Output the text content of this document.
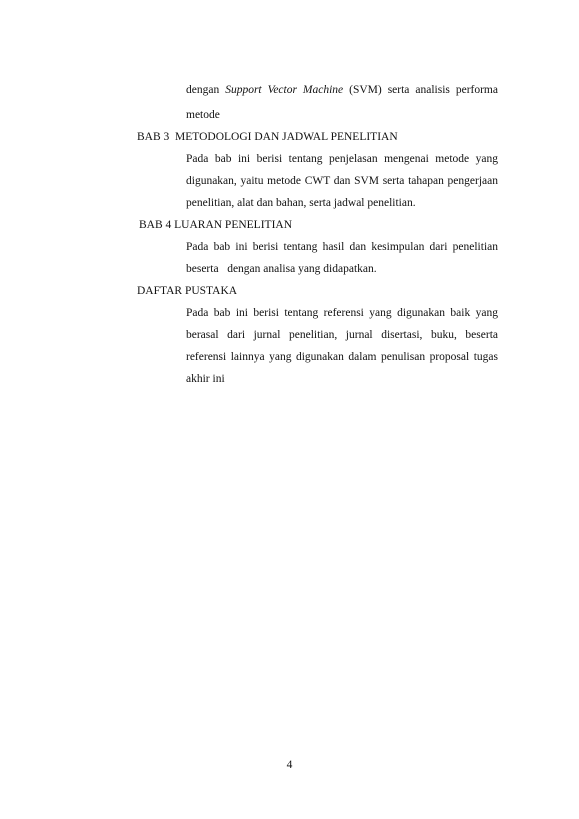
dengan Support Vector Machine (SVM) serta analisis performa
metode
BAB 3  METODOLOGI DAN JADWAL PENELITIAN
Pada bab ini berisi tentang penjelasan mengenai metode yang
digunakan, yaitu metode CWT dan SVM serta tahapan pengerjaan
penelitian, alat dan bahan, serta jadwal penelitian.
BAB 4 LUARAN PENELITIAN
Pada bab ini berisi tentang hasil dan kesimpulan dari penelitian
beserta   dengan analisa yang didapatkan.
DAFTAR PUSTAKA
Pada bab ini berisi tentang referensi yang digunakan baik yang
berasal dari jurnal penelitian, jurnal disertasi, buku, beserta
referensi lainnya yang digunakan dalam penulisan proposal tugas
akhir ini
4
